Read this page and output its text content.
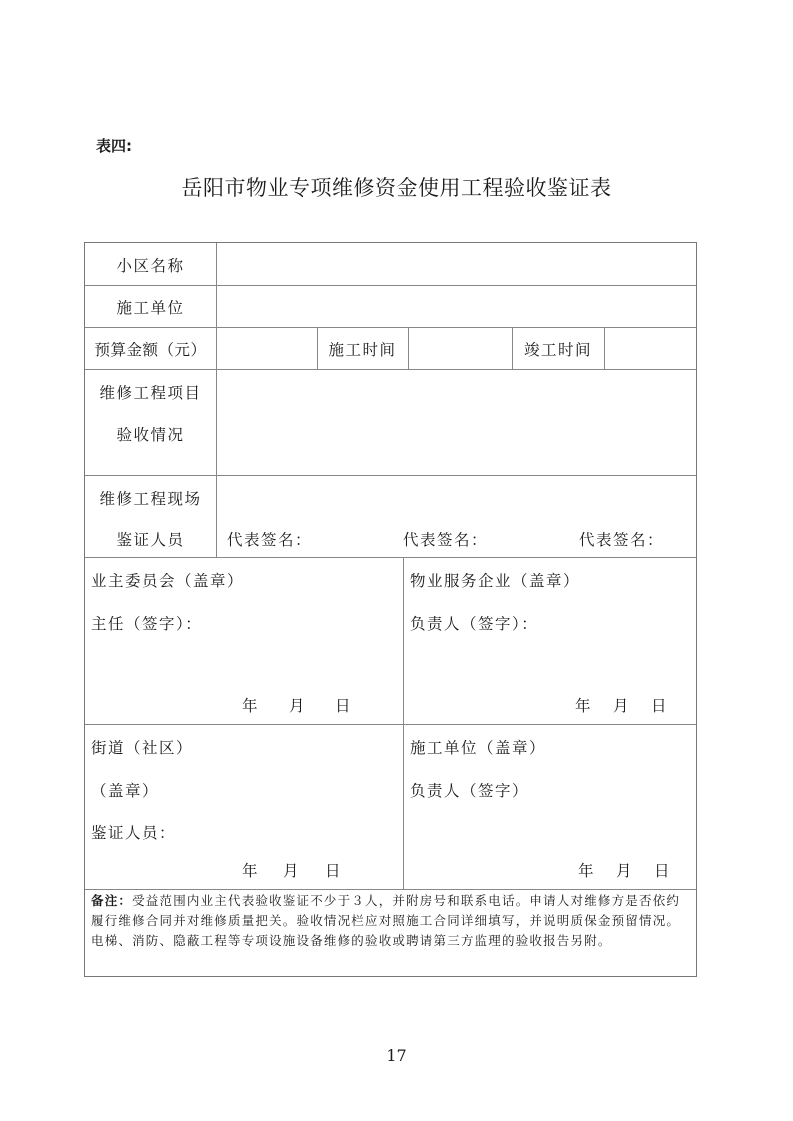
表四:
岳阳市物业专项维修资金使用工程验收鉴证表
小区名称
施工单位
预算金额（元）	施工时间	竣工时间
维修工程项目
验收情况
维修工程现场
鉴证人员	代表签名：	代表签名：	代表签名：
业主委员会（盖章）
主任（签字）：
年 月 日
物业服务企业（盖章）
负责人（签字）：
年 月 日
街道（社区）
（盖章）
鉴证人员：
年 月 日
施工单位（盖章）
负责人（签字）
年 月 日
备注：受益范围内业主代表验收鉴证不少于３人，并附房号和联系电话。申请人对维修方是否依约履行维修合同并对维修质量把关。验收情况栏应对照施工合同详细填写，并说明质保金预留情况。电梯、消防、隐蔽工程等专项设施设备维修的验收或聘请第三方监理的验收报告另附。
17
